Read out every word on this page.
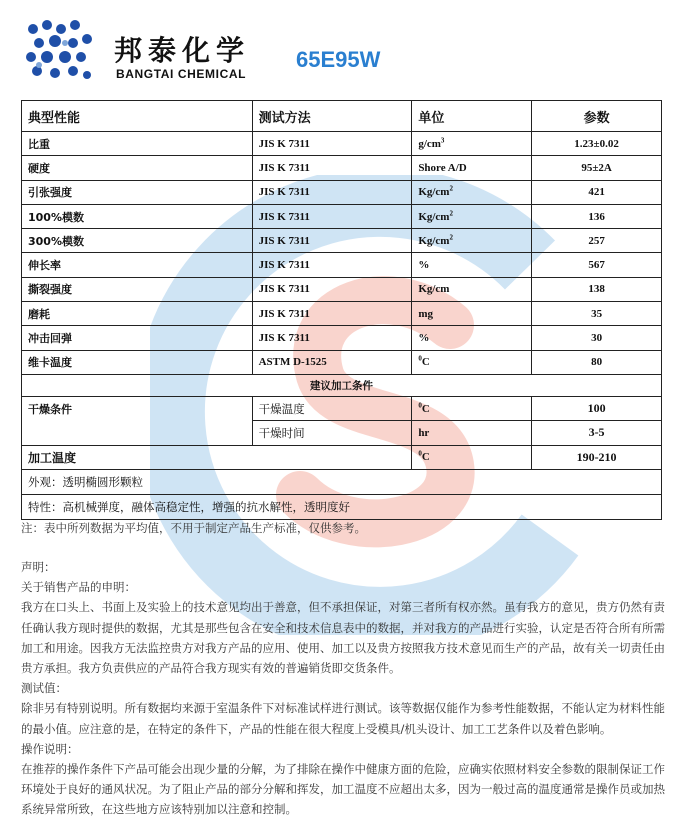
邦泰化学
BANGTAI CHEMICAL
65E95W
典型性能	测试方法	单位	参数
比重	JIS K 7311	$g/cm^3$	1.23±0.02
硬度	JIS K 7311	Shore A/D	95±2A
引张强度	JIS K 7311	$Kg/cm^2$	421
100%模数	JIS K 7311	$Kg/cm^2$	136
300%模数	JIS K 7311	$Kg/cm^2$	257
伸长率	JIS K 7311	%	567
撕裂强度	JIS K 7311	Kg/cm	138
磨耗	JIS K 7311	mg	35
冲击回弹	JIS K 7311	%	30
维卡温度	ASTM D-1525	$^0$C	80
建议加工条件			
干燥条件	干燥温度	$^0$C	100
	干燥时间	hr	3-5
加工温度		$^0$C	190-210
外观：透明椭圆形颗粒			
特性：高机械弹度，融体高稳定性，增强的抗水解性，透明度好			
注：表中所列数据为平均值，不用于制定产品生产标准，仅供参考。

声明：

关于销售产品的申明：

我方在口头上、书面上及实验上的技术意见均出于善意，但不承担保证，对第三者所有权亦然。虽有我方的意见，贵方仍然有责任确认我方现时提供的数据，尤其是那些包含在安全和技术信息表中的数据，并对我方的产品进行实验，认定是否符合所有所需加工和用途。因我方无法监控贵方对我方产品的应用、使用、加工以及贵方按照我方技术意见而生产的产品，故有关一切责任由贵方承担。我方负责供应的产品符合我方现实有效的普遍销货即交货条件。

测试值：

除非另有特别说明。所有数据均来源于室温条件下对标准试样进行测试。该等数据仅能作为参考性能数据，不能认定为材料性能的最小值。应注意的是，在特定的条件下，产品的性能在很大程度上受模具/机头设计、加工工艺条件以及着色影响。

操作说明：

在推荐的操作条件下产品可能会出现少量的分解，为了排除在操作中健康方面的危险，应确实依照材料安全参数的限制保证工作环境处于良好的通风状况。为了阻止产品的部分分解和挥发，加工温度不应超出太多，因为一般过高的温度通常是操作员或加热系统异常所致，在这些地方应该特别加以注意和控制。
